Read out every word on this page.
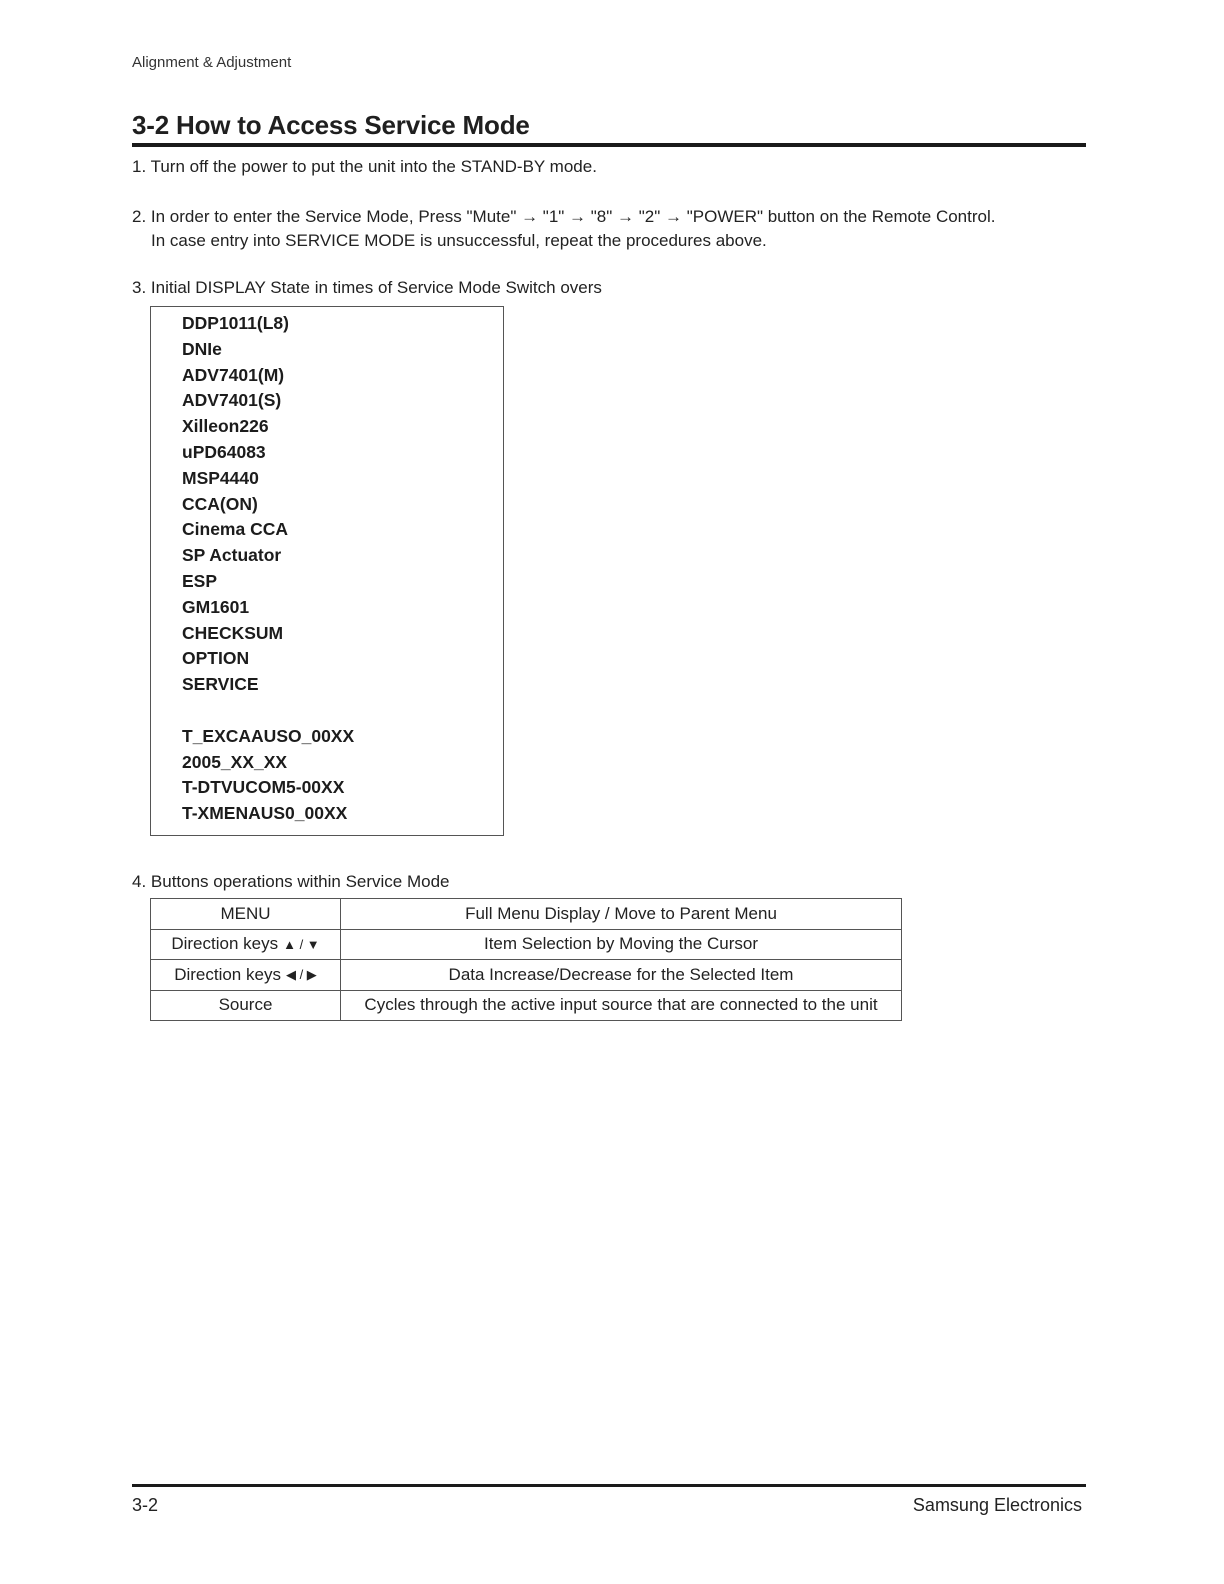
Alignment & Adjustment
3-2 How to Access Service Mode
1. Turn off the power to put the unit into the STAND-BY mode.
2. In order to enter the Service Mode, Press "Mute" → "1" → "8" → "2" → "POWER" button on the Remote Control.
In case entry into SERVICE MODE is unsuccessful, repeat the procedures above.
3. Initial DISPLAY State in times of Service Mode Switch overs
DDP1011(L8)
DNIe
ADV7401(M)
ADV7401(S)
Xilleon226
uPD64083
MSP4440
CCA(ON)
Cinema CCA
SP Actuator
ESP
GM1601
CHECKSUM
OPTION
SERVICE
T_EXCAAUSO_00XX
2005_XX_XX
T-DTVUCOM5-00XX
T-XMENAUS0_00XX
4. Buttons operations within Service Mode
MENU	Full Menu Display / Move to Parent Menu

Direction keys ▲ / ▼	Item Selection by Moving the Cursor

Direction keys ◀ / ▶	Data Increase/Decrease for the Selected Item

Source	Cycles through the active input source that are connected to the unit
3-2	Samsung Electronics
